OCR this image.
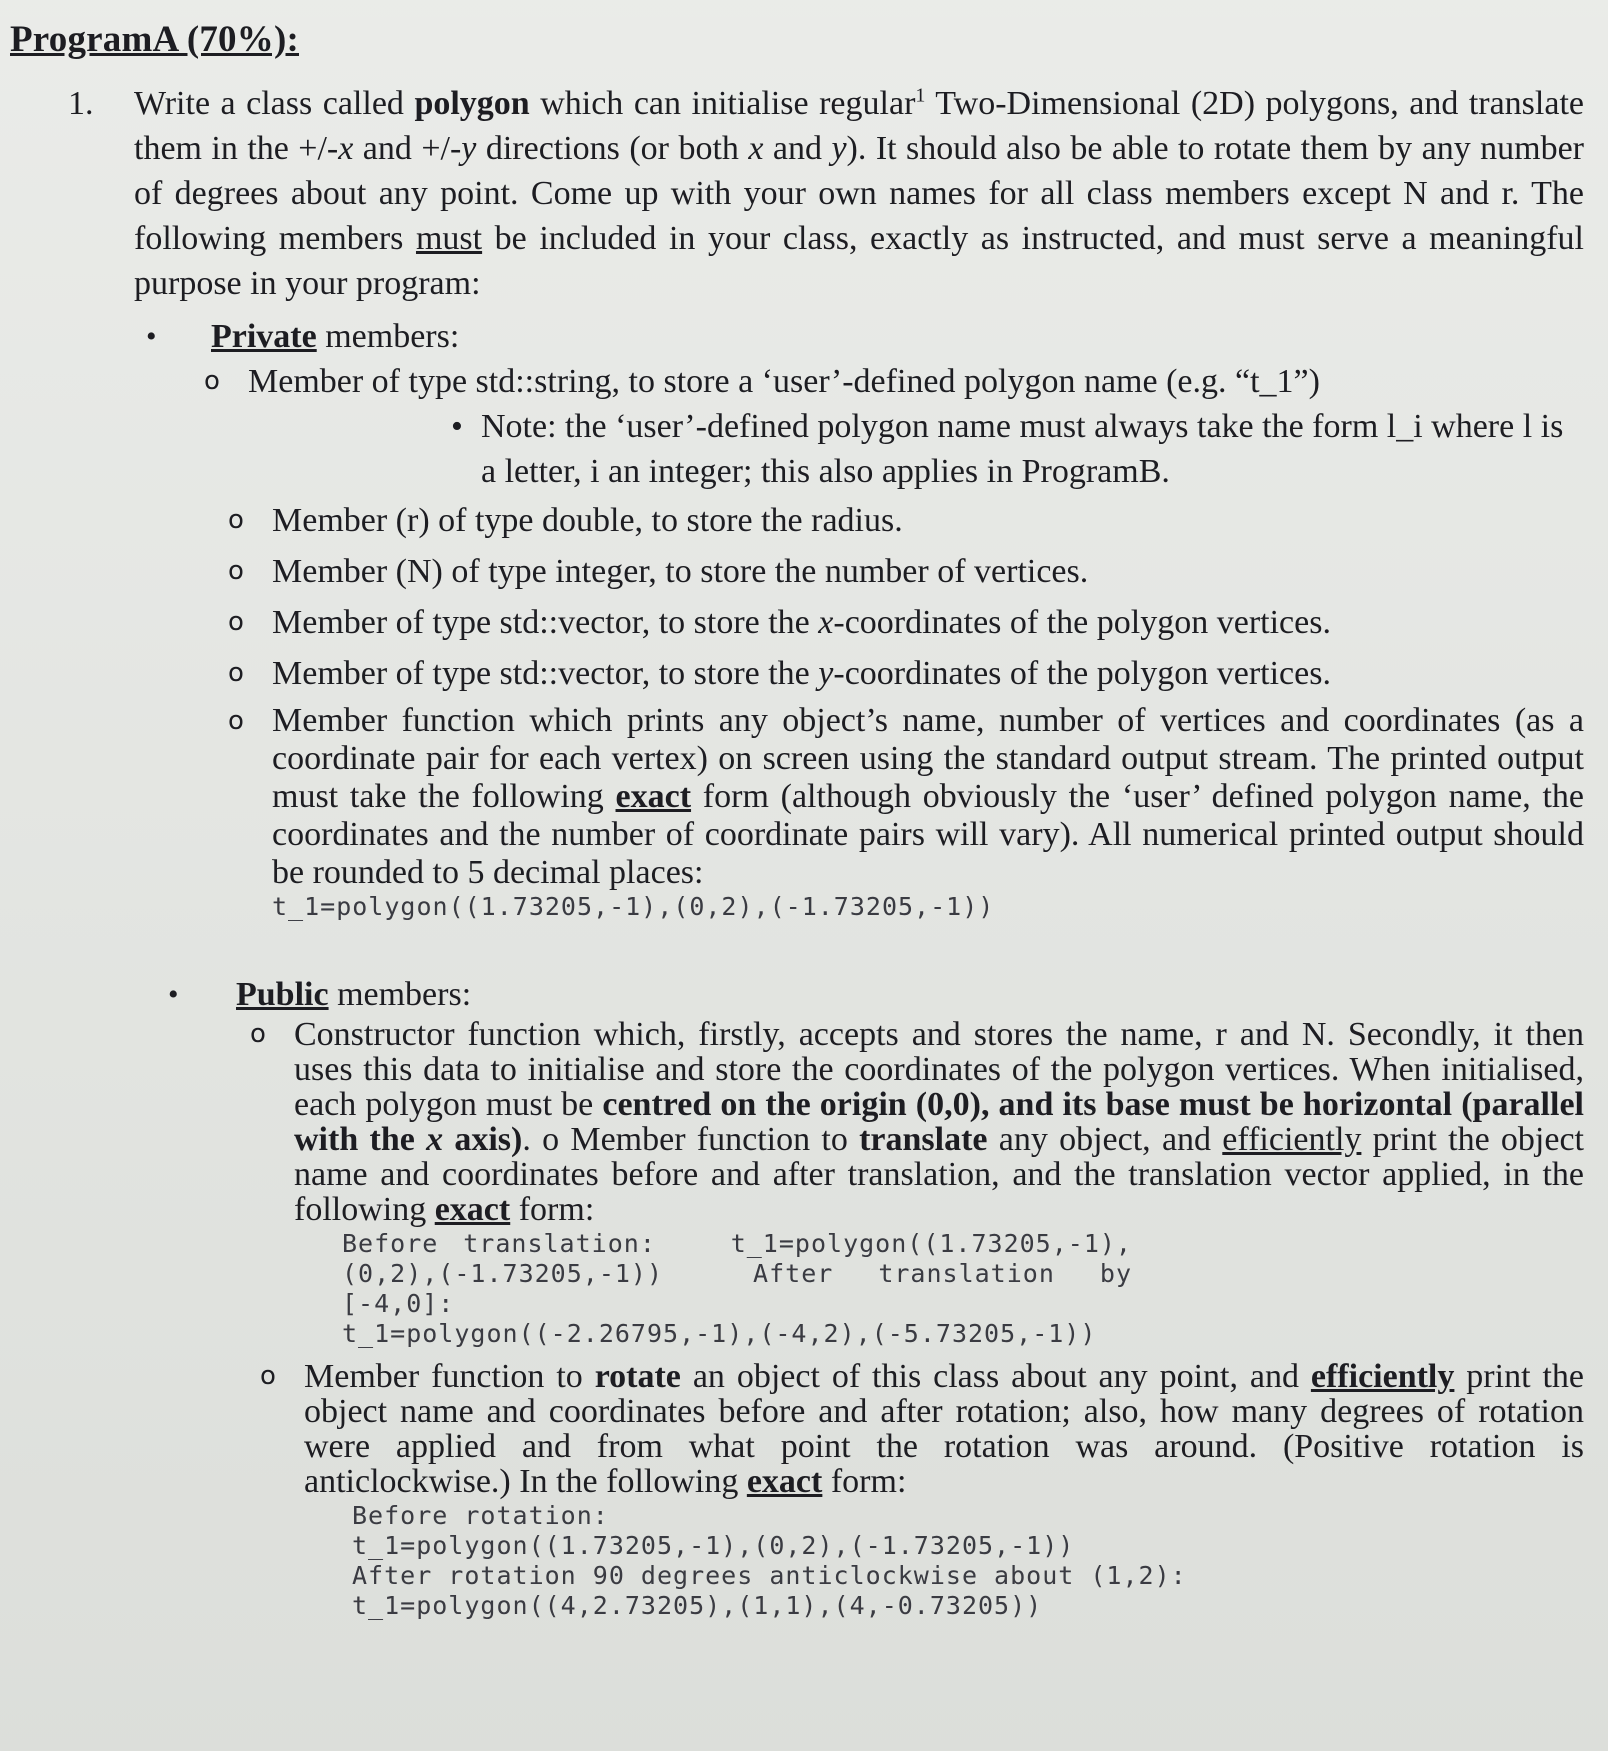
ProgramA (70%):
1. Write a class called polygon which can initialise regular$^1$ Two-Dimensional (2D) polygons, and translate them in the +/-x and +/-y directions (or both x and y). It should also be able to rotate them by any number of degrees about any point. Come up with your own names for all class members except N and r. The following members must be included in your class, exactly as instructed, and must serve a meaningful purpose in your program:

• Private members:
o Member of type std::string, to store a ‘user’-defined polygon name (e.g. “t_1”)
• Note: the ‘user’-defined polygon name must always take the form l_i where l is a letter, i an integer; this also applies in ProgramB.
o Member (r) of type double, to store the radius.
o Member (N) of type integer, to store the number of vertices.
o Member of type std::vector, to store the x-coordinates of the polygon vertices.
o Member of type std::vector, to store the y-coordinates of the polygon vertices.
o Member function which prints any object’s name, number of vertices and coordinates (as a coordinate pair for each vertex) on screen using the standard output stream. The printed output must take the following exact form (although obviously the ‘user’ defined polygon name, the coordinates and the number of coordinate pairs will vary). All numerical printed output should be rounded to 5 decimal places:
t_1=polygon((1.73205,-1),(0,2),(-1.73205,-1))
• Public members:
o Constructor function which, firstly, accepts and stores the name, r and N. Secondly, it then uses this data to initialise and store the coordinates of the polygon vertices. When initialised, each polygon must be centred on the origin (0,0), and its base must be horizontal (parallel with the x axis). o Member function to translate any object, and efficiently print the object name and coordinates before and after translation, and the translation vector applied, in the following exact form:
Before translation:   t_1=polygon((1.73205,-1),(0,2),(-1.73205,-1))  After translation by [-4,0]:
t_1=polygon((-2.26795,-1),(-4,2),(-5.73205,-1))
o Member function to rotate an object of this class about any point, and efficiently print the object name and coordinates before and after rotation; also, how many degrees of rotation were applied and from what point the rotation was around. (Positive rotation is anticlockwise.) In the following exact form:
Before rotation:
t_1=polygon((1.73205,-1),(0,2),(-1.73205,-1))
After rotation 90 degrees anticlockwise about (1,2):
t_1=polygon((4,2.73205),(1,1),(4,-0.73205))
